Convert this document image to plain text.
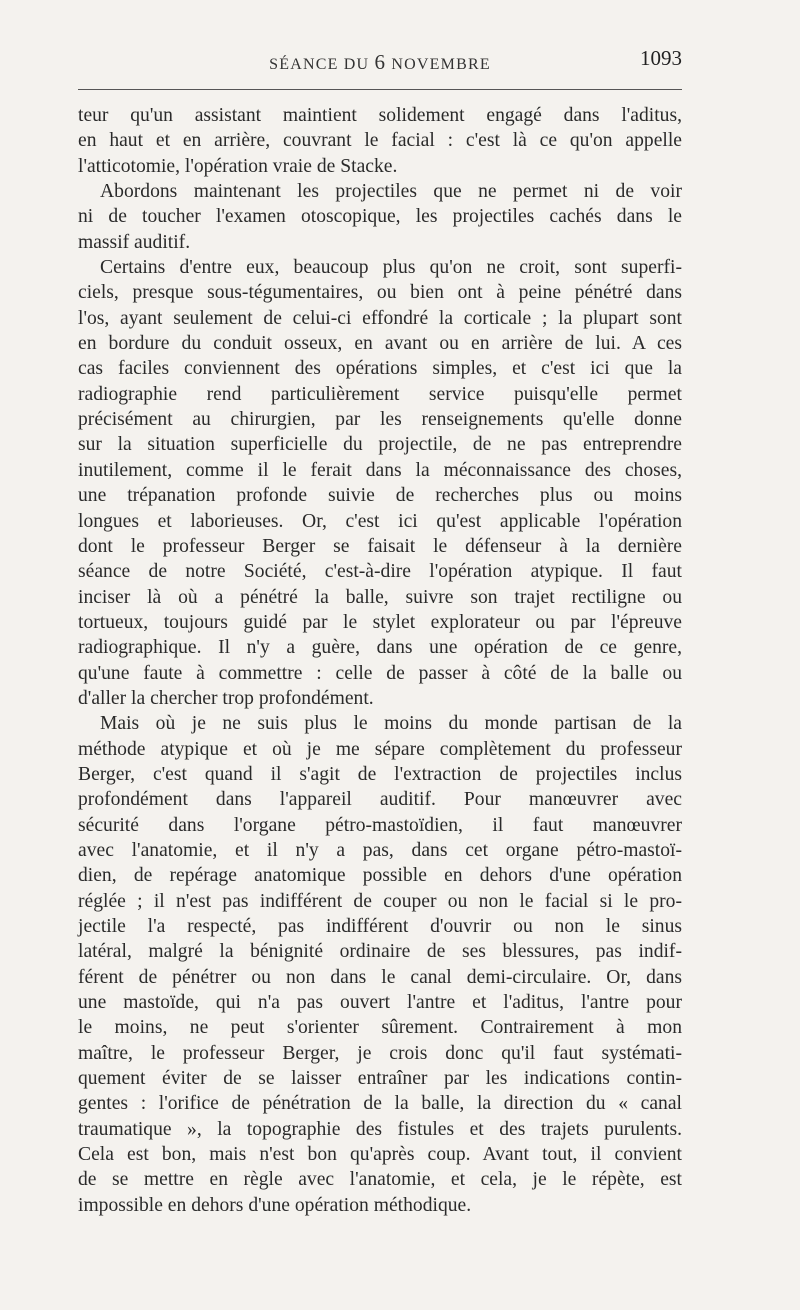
SÉANCE DU 6 NOVEMBRE	1093

teur qu'un assistant maintient solidement engagé dans l'aditus,
en haut et en arrière, couvrant le facial : c'est là ce qu'on appelle
l'atticotomie, l'opération vraie de Stacke.

Abordons maintenant les projectiles que ne permet ni de voir
ni de toucher l'examen otoscopique, les projectiles cachés dans le
massif auditif.

Certains d'entre eux, beaucoup plus qu'on ne croit, sont superfi-
ciels, presque sous-tégumentaires, ou bien ont à peine pénétré dans
l'os, ayant seulement de celui-ci effondré la corticale ; la plupart sont
en bordure du conduit osseux, en avant ou en arrière de lui. A ces
cas faciles conviennent des opérations simples, et c'est ici que la
radiographie rend particulièrement service puisqu'elle permet
précisément au chirurgien, par les renseignements qu'elle donne
sur la situation superficielle du projectile, de ne pas entreprendre
inutilement, comme il le ferait dans la méconnaissance des choses,
une trépanation profonde suivie de recherches plus ou moins
longues et laborieuses. Or, c'est ici qu'est applicable l'opération
dont le professeur Berger se faisait le défenseur à la dernière
séance de notre Société, c'est-à-dire l'opération atypique. Il faut
inciser là où a pénétré la balle, suivre son trajet rectiligne ou
tortueux, toujours guidé par le stylet explorateur ou par l'épreuve
radiographique. Il n'y a guère, dans une opération de ce genre,
qu'une faute à commettre : celle de passer à côté de la balle ou
d'aller la chercher trop profondément.

Mais où je ne suis plus le moins du monde partisan de la
méthode atypique et où je me sépare complètement du professeur
Berger, c'est quand il s'agit de l'extraction de projectiles inclus
profondément dans l'appareil auditif. Pour manœuvrer avec
sécurité dans l'organe pétro-mastoïdien, il faut manœuvrer
avec l'anatomie, et il n'y a pas, dans cet organe pétro-mastoï-
dien, de repérage anatomique possible en dehors d'une opération
réglée ; il n'est pas indifférent de couper ou non le facial si le pro-
jectile l'a respecté, pas indifférent d'ouvrir ou non le sinus
latéral, malgré la bénignité ordinaire de ses blessures, pas indif-
férent de pénétrer ou non dans le canal demi-circulaire. Or, dans
une mastoïde, qui n'a pas ouvert l'antre et l'aditus, l'antre pour
le moins, ne peut s'orienter sûrement. Contrairement à mon
maître, le professeur Berger, je crois donc qu'il faut systémati-
quement éviter de se laisser entraîner par les indications contin-
gentes : l'orifice de pénétration de la balle, la direction du « canal
traumatique », la topographie des fistules et des trajets purulents.
Cela est bon, mais n'est bon qu'après coup. Avant tout, il convient
de se mettre en règle avec l'anatomie, et cela, je le répète, est
impossible en dehors d'une opération méthodique.
